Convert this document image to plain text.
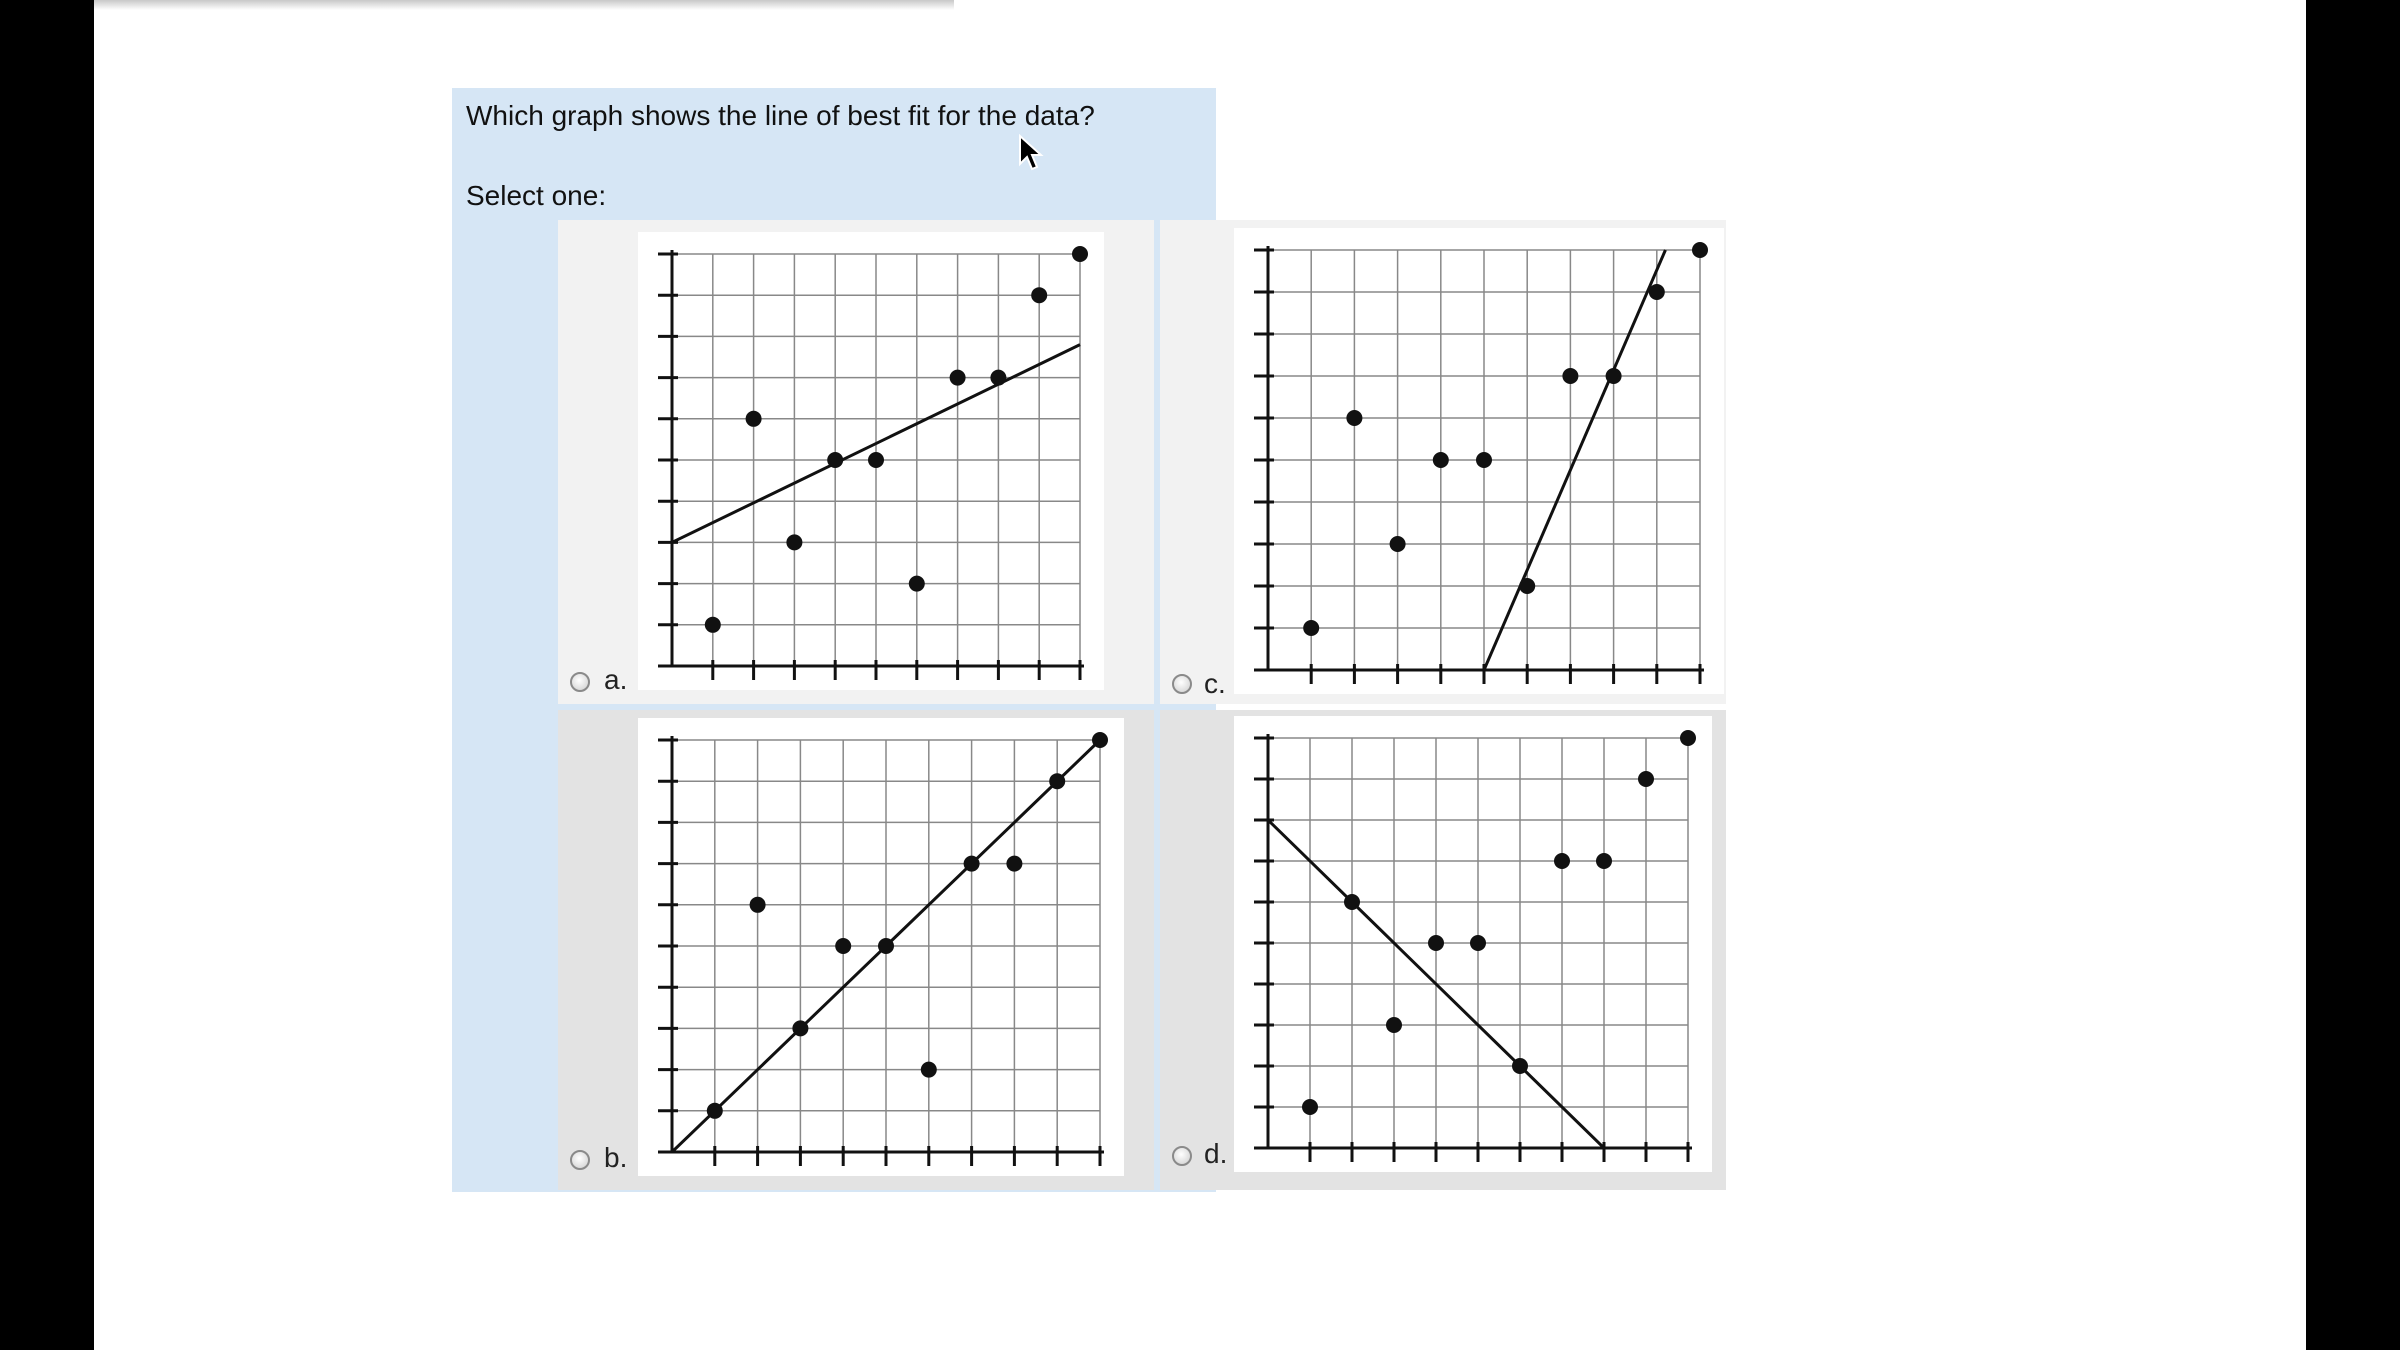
Which graph shows the line of best fit for the data?
Select one:
a.	c.
b.	d.
